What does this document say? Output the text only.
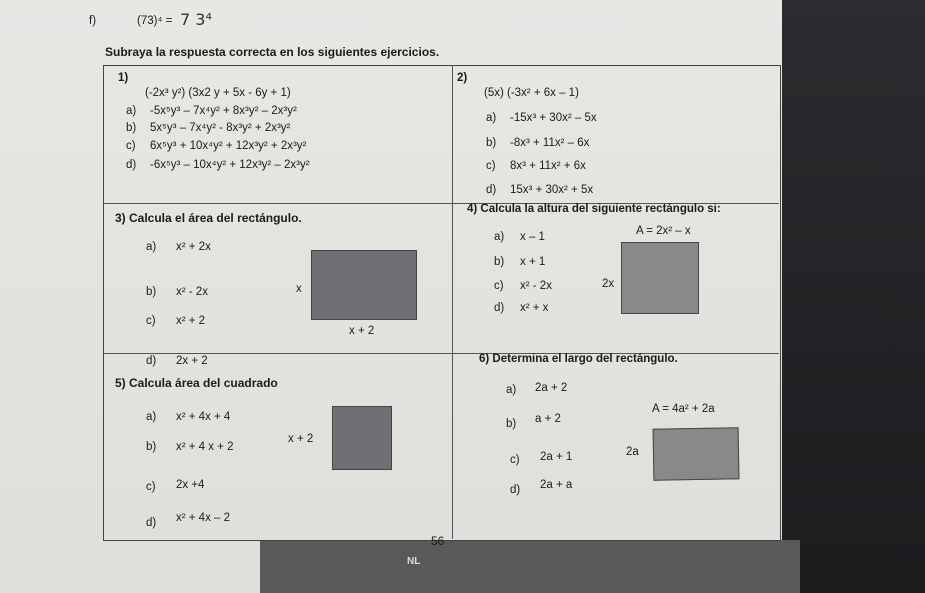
f)	(73)⁴ = 7 3⁴
Subraya la respuesta correcta en los siguientes ejercicios.
1)
(-2x³ y²) (3x2 y + 5x - 6y + 1)
a) -5x⁵y³ – 7x⁴y² + 8x³y² – 2x³y²
b) 5x⁵y³ – 7x⁴y² - 8x³y² + 2x³y²
c) 6x⁵y³ + 10x⁴y² + 12x³y² + 2x³y²
d) -6x⁵y³ – 10x⁴y² + 12x³y² – 2x³y²
2)
(5x) (-3x² + 6x – 1)
a) -15x³ + 30x² – 5x
b) -8x³ + 11x² – 6x
c) 8x³ + 11x² + 6x
d) 15x³ + 30x² + 5x
3) Calcula el área del rectángulo.
a) x² + 2x
b) x² - 2x
c) x² + 2
d) 2x + 2
x
x + 2
4) Calcula la altura del siguiente rectángulo si:
a) x – 1
b) x + 1
c) x² - 2x
d) x² + x
A = 2x² – x
2x
5) Calcula área del cuadrado
a) x² + 4x + 4
b) x² + 4 x + 2
c) 2x +4
d) x² + 4x – 2
x + 2
6) Determina el largo del rectángulo.
a) 2a + 2
b) a + 2
c) 2a + 1
d) 2a + a
A = 4a² + 2a
2a
56
NL
